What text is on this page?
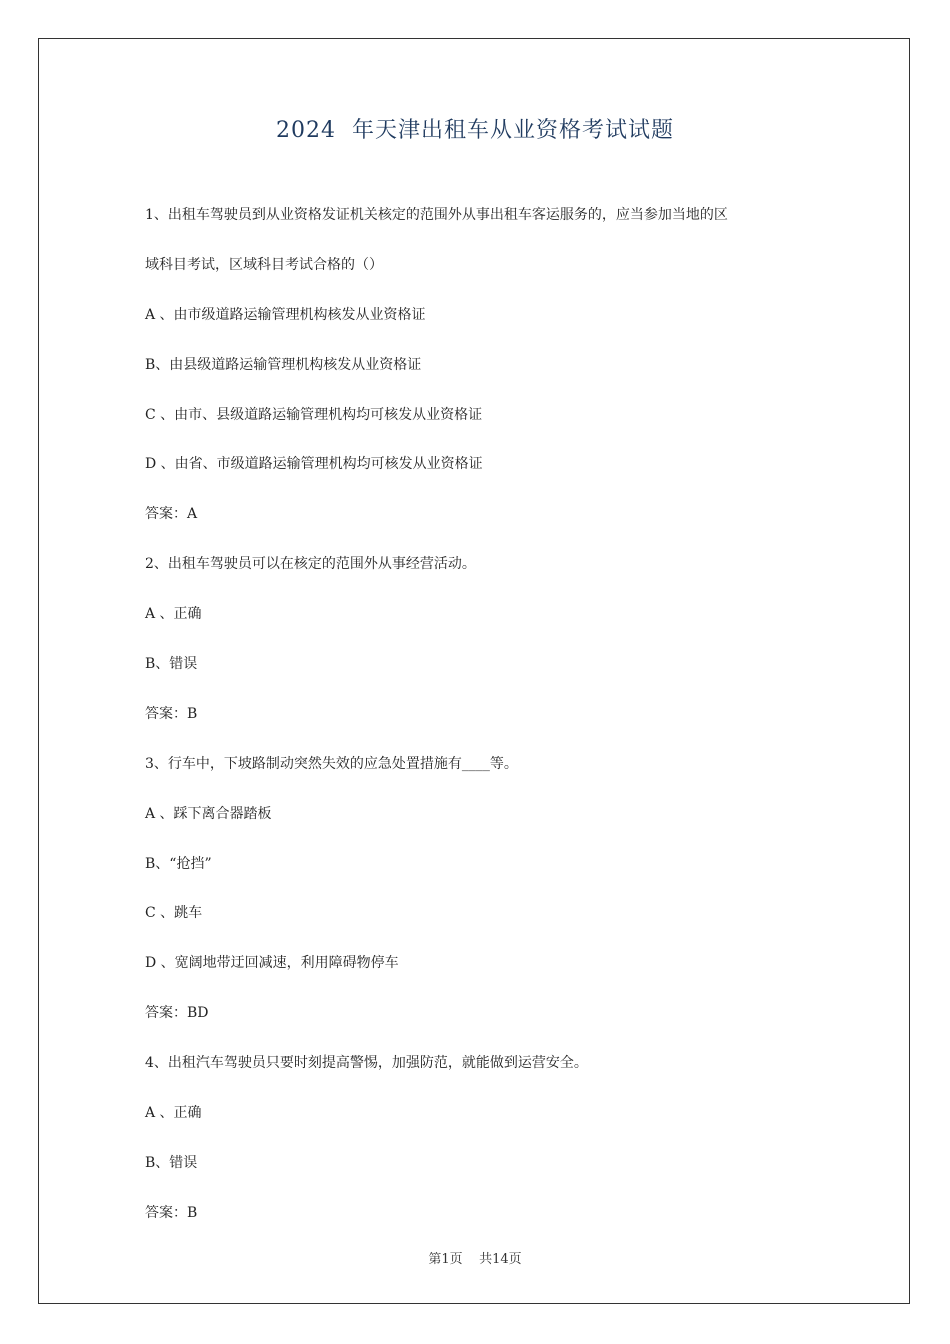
2024  年天津出租车从业资格考试试题
1、出租车驾驶员到从业资格发证机关核定的范围外从事出租车客运服务的，应当参加当地的区
域科目考试，区域科目考试合格的（）
A 、由市级道路运输管理机构核发从业资格证
B、由县级道路运输管理机构核发从业资格证
C 、由市、县级道路运输管理机构均可核发从业资格证
D 、由省、市级道路运输管理机构均可核发从业资格证
答案：A
2、出租车驾驶员可以在核定的范围外从事经营活动。
A 、正确
B、错误
答案：B
3、行车中，下坡路制动突然失效的应急处置措施有____等。
A 、踩下离合器踏板
B、“抢挡”
C 、跳车
D 、宽阔地带迂回减速，利用障碍物停车
答案：BD
4、出租汽车驾驶员只要时刻提高警惕，加强防范，就能做到运营安全。
A 、正确
B、错误
答案：B
第1页    共14页
